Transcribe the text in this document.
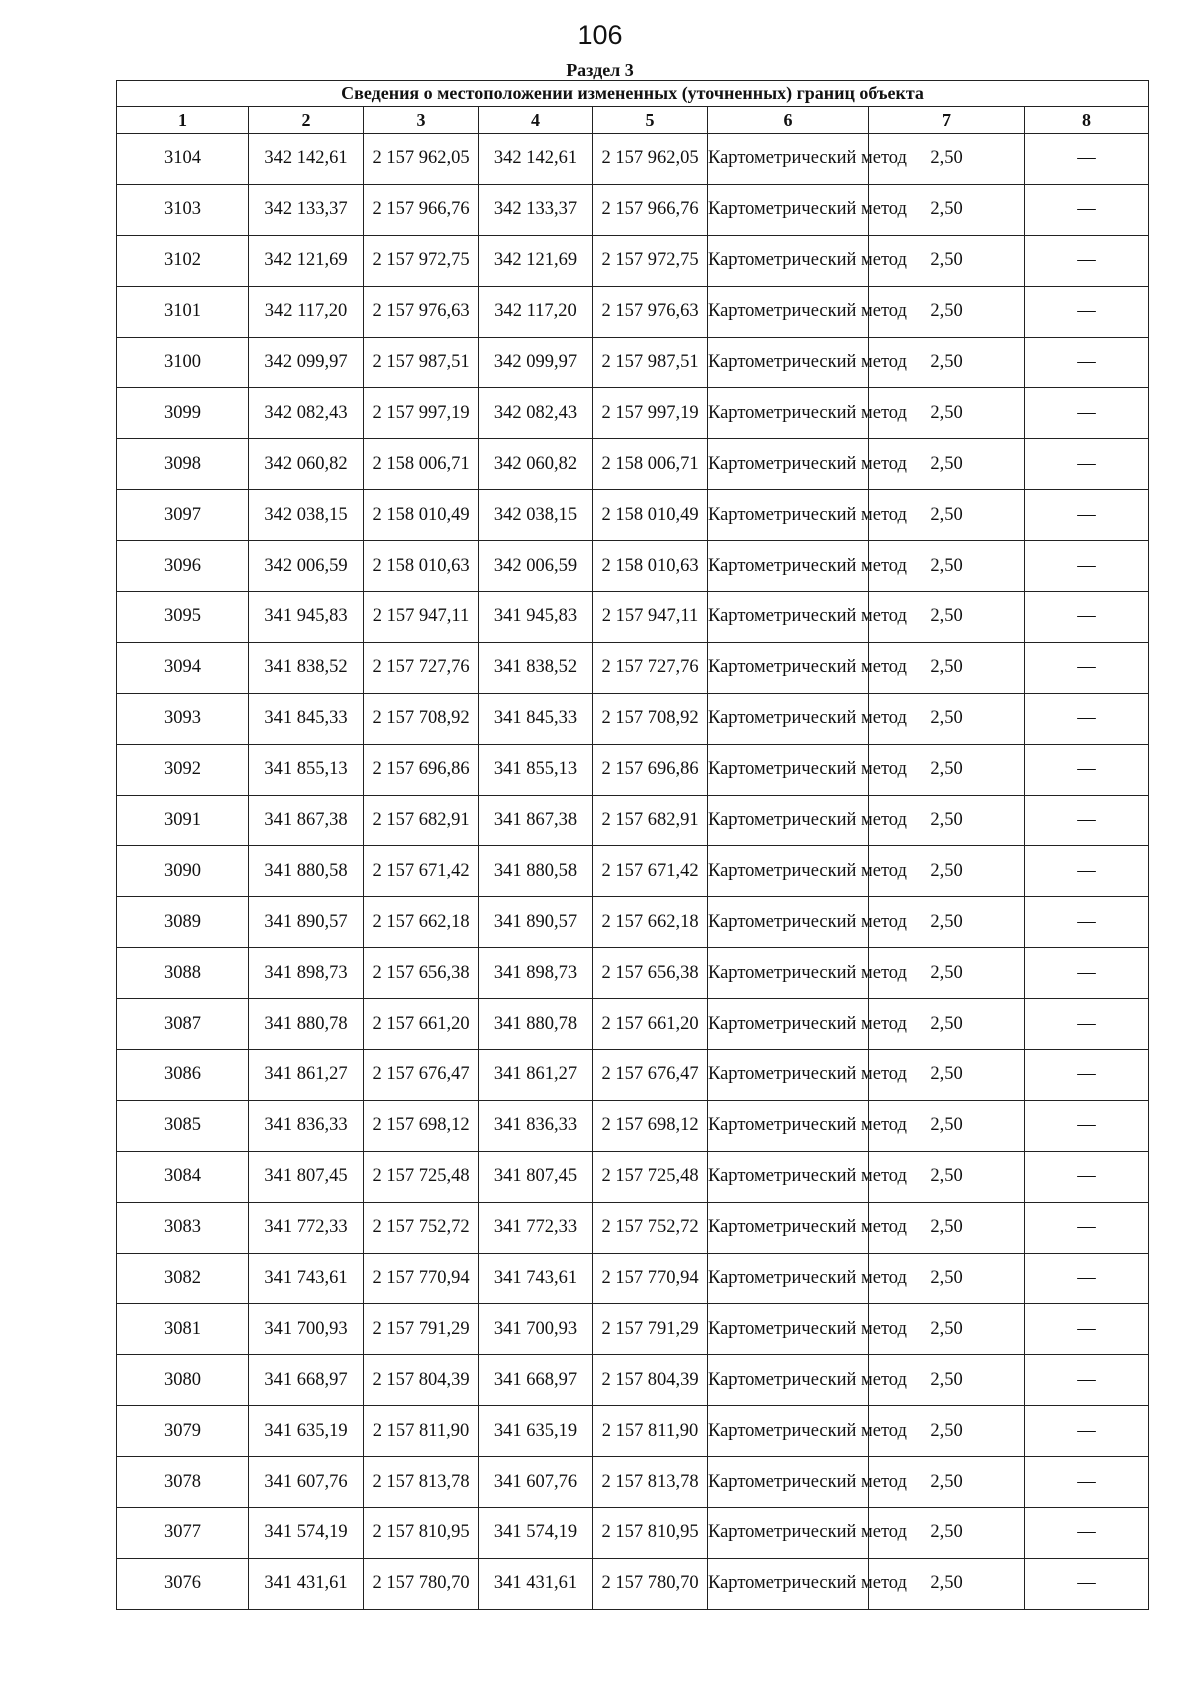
106
Раздел 3
Сведения о местоположении измененных (уточненных) границ объекта							
1	2	3	4	5	6	7	8
3104	342 142,61	2 157 962,05	342 142,61	2 157 962,05	Картометрический метод	2,50	—
3103	342 133,37	2 157 966,76	342 133,37	2 157 966,76	Картометрический метод	2,50	—
3102	342 121,69	2 157 972,75	342 121,69	2 157 972,75	Картометрический метод	2,50	—
3101	342 117,20	2 157 976,63	342 117,20	2 157 976,63	Картометрический метод	2,50	—
3100	342 099,97	2 157 987,51	342 099,97	2 157 987,51	Картометрический метод	2,50	—
3099	342 082,43	2 157 997,19	342 082,43	2 157 997,19	Картометрический метод	2,50	—
3098	342 060,82	2 158 006,71	342 060,82	2 158 006,71	Картометрический метод	2,50	—
3097	342 038,15	2 158 010,49	342 038,15	2 158 010,49	Картометрический метод	2,50	—
3096	342 006,59	2 158 010,63	342 006,59	2 158 010,63	Картометрический метод	2,50	—
3095	341 945,83	2 157 947,11	341 945,83	2 157 947,11	Картометрический метод	2,50	—
3094	341 838,52	2 157 727,76	341 838,52	2 157 727,76	Картометрический метод	2,50	—
3093	341 845,33	2 157 708,92	341 845,33	2 157 708,92	Картометрический метод	2,50	—
3092	341 855,13	2 157 696,86	341 855,13	2 157 696,86	Картометрический метод	2,50	—
3091	341 867,38	2 157 682,91	341 867,38	2 157 682,91	Картометрический метод	2,50	—
3090	341 880,58	2 157 671,42	341 880,58	2 157 671,42	Картометрический метод	2,50	—
3089	341 890,57	2 157 662,18	341 890,57	2 157 662,18	Картометрический метод	2,50	—
3088	341 898,73	2 157 656,38	341 898,73	2 157 656,38	Картометрический метод	2,50	—
3087	341 880,78	2 157 661,20	341 880,78	2 157 661,20	Картометрический метод	2,50	—
3086	341 861,27	2 157 676,47	341 861,27	2 157 676,47	Картометрический метод	2,50	—
3085	341 836,33	2 157 698,12	341 836,33	2 157 698,12	Картометрический метод	2,50	—
3084	341 807,45	2 157 725,48	341 807,45	2 157 725,48	Картометрический метод	2,50	—
3083	341 772,33	2 157 752,72	341 772,33	2 157 752,72	Картометрический метод	2,50	—
3082	341 743,61	2 157 770,94	341 743,61	2 157 770,94	Картометрический метод	2,50	—
3081	341 700,93	2 157 791,29	341 700,93	2 157 791,29	Картометрический метод	2,50	—
3080	341 668,97	2 157 804,39	341 668,97	2 157 804,39	Картометрический метод	2,50	—
3079	341 635,19	2 157 811,90	341 635,19	2 157 811,90	Картометрический метод	2,50	—
3078	341 607,76	2 157 813,78	341 607,76	2 157 813,78	Картометрический метод	2,50	—
3077	341 574,19	2 157 810,95	341 574,19	2 157 810,95	Картометрический метод	2,50	—
3076	341 431,61	2 157 780,70	341 431,61	2 157 780,70	Картометрический метод	2,50	—
